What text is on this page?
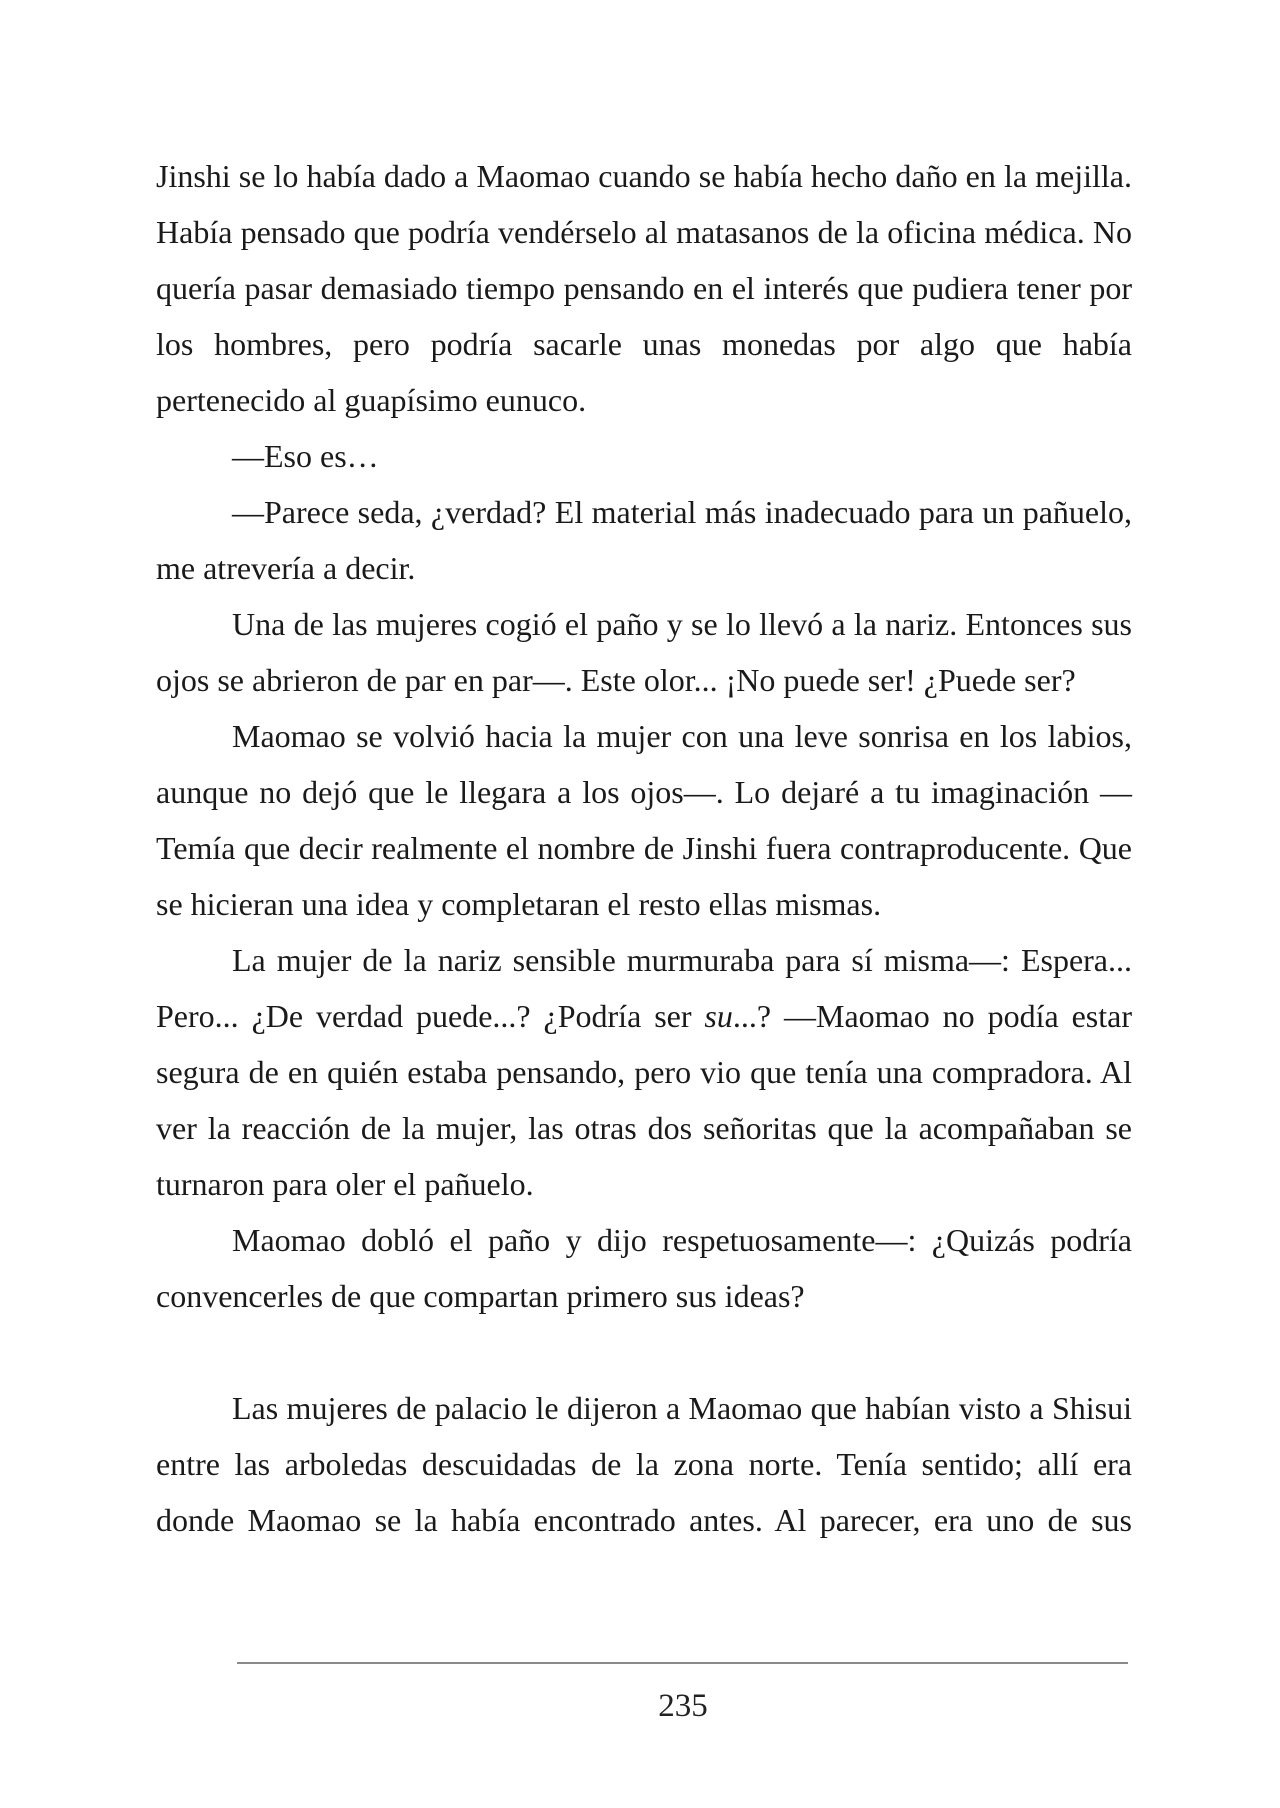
Jinshi se lo había dado a Maomao cuando se había hecho daño en la mejilla. Había pensado que podría vendérselo al matasanos de la oficina médica. No quería pasar demasiado tiempo pensando en el interés que pudiera tener por los hombres, pero podría sacarle unas monedas por algo que había pertenecido al guapísimo eunuco.

—Eso es…

—Parece seda, ¿verdad? El material más inadecuado para un pañuelo, me atrevería a decir.

Una de las mujeres cogió el paño y se lo llevó a la nariz. Entonces sus ojos se abrieron de par en par—. Este olor... ¡No puede ser! ¿Puede ser?

Maomao se volvió hacia la mujer con una leve sonrisa en los labios, aunque no dejó que le llegara a los ojos—. Lo dejaré a tu imaginación —Temía que decir realmente el nombre de Jinshi fuera contraproducente. Que se hicieran una idea y completaran el resto ellas mismas.

La mujer de la nariz sensible murmuraba para sí misma—: Espera... Pero... ¿De verdad puede...? ¿Podría ser su...? —Maomao no podía estar segura de en quién estaba pensando, pero vio que tenía una compradora. Al ver la reacción de la mujer, las otras dos señoritas que la acompañaban se turnaron para oler el pañuelo.

Maomao dobló el paño y dijo respetuosamente—: ¿Quizás podría convencerles de que compartan primero sus ideas?

Las mujeres de palacio le dijeron a Maomao que habían visto a Shisui entre las arboledas descuidadas de la zona norte. Tenía sentido; allí era donde Maomao se la había encontrado antes. Al parecer, era uno de sus

235
